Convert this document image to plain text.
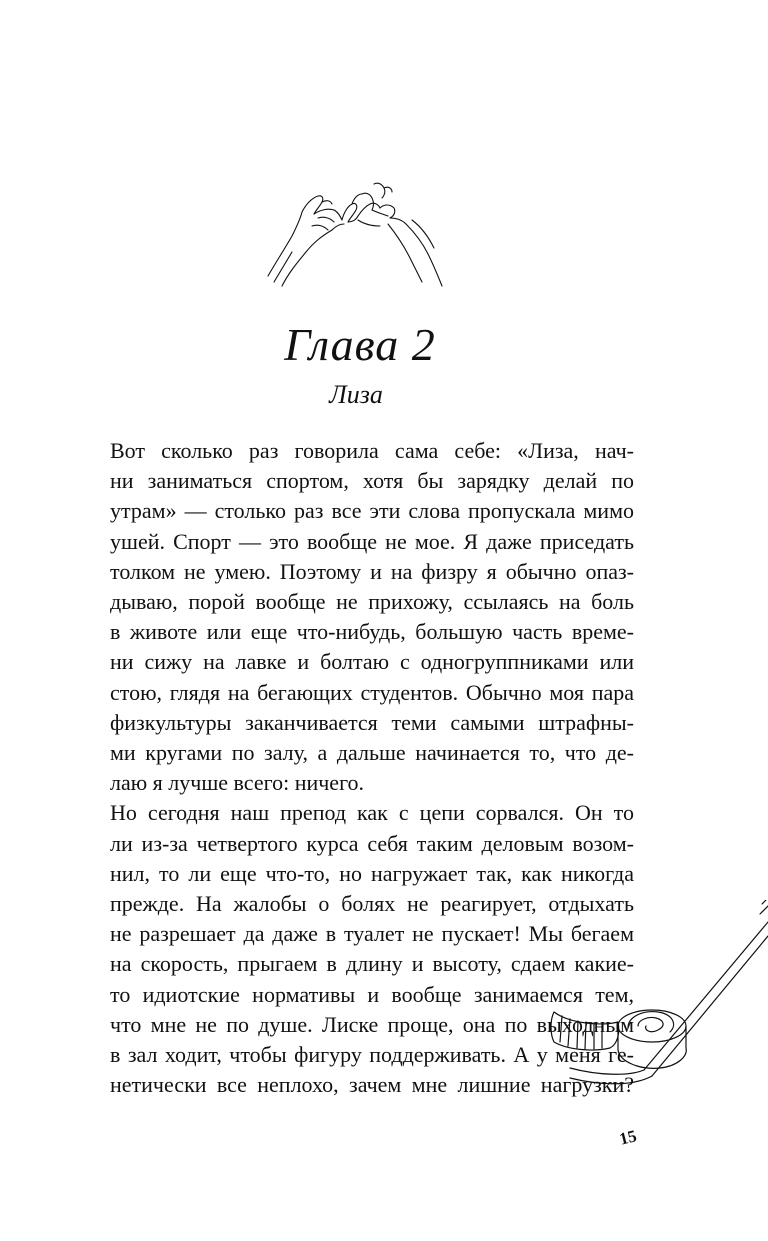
Глава 2
Лиза
Вот сколько раз говорила сама себе: «Лиза, нач-
ни заниматься спортом, хотя бы зарядку делай по
утрам» — столько раз все эти слова пропускала мимо
ушей. Спорт — это вообще не мое. Я даже приседать
толком не умею. Поэтому и на физру я обычно опаз-
дываю, порой вообще не прихожу, ссылаясь на боль
в животе или еще что-нибудь, большую часть време-
ни сижу на лавке и болтаю с одногруппниками или
стою, глядя на бегающих студентов. Обычно моя пара
физкультуры заканчивается теми самыми штрафны-
ми кругами по залу, а дальше начинается то, что де-
лаю я лучше всего: ничего.
Но сегодня наш препод как с цепи сорвался. Он то
ли из-за четвертого курса себя таким деловым возом-
нил, то ли еще что-то, но нагружает так, как никогда
прежде. На жалобы о болях не реагирует, отдыхать
не разрешает да даже в туалет не пускает! Мы бегаем
на скорость, прыгаем в длину и высоту, сдаем какие-
то идиотские нормативы и вообще занимаемся тем,
что мне не по душе. Лиске проще, она по выходным
в зал ходит, чтобы фигуру поддерживать. А у меня ге-
нетически все неплохо, зачем мне лишние нагрузки?
15
